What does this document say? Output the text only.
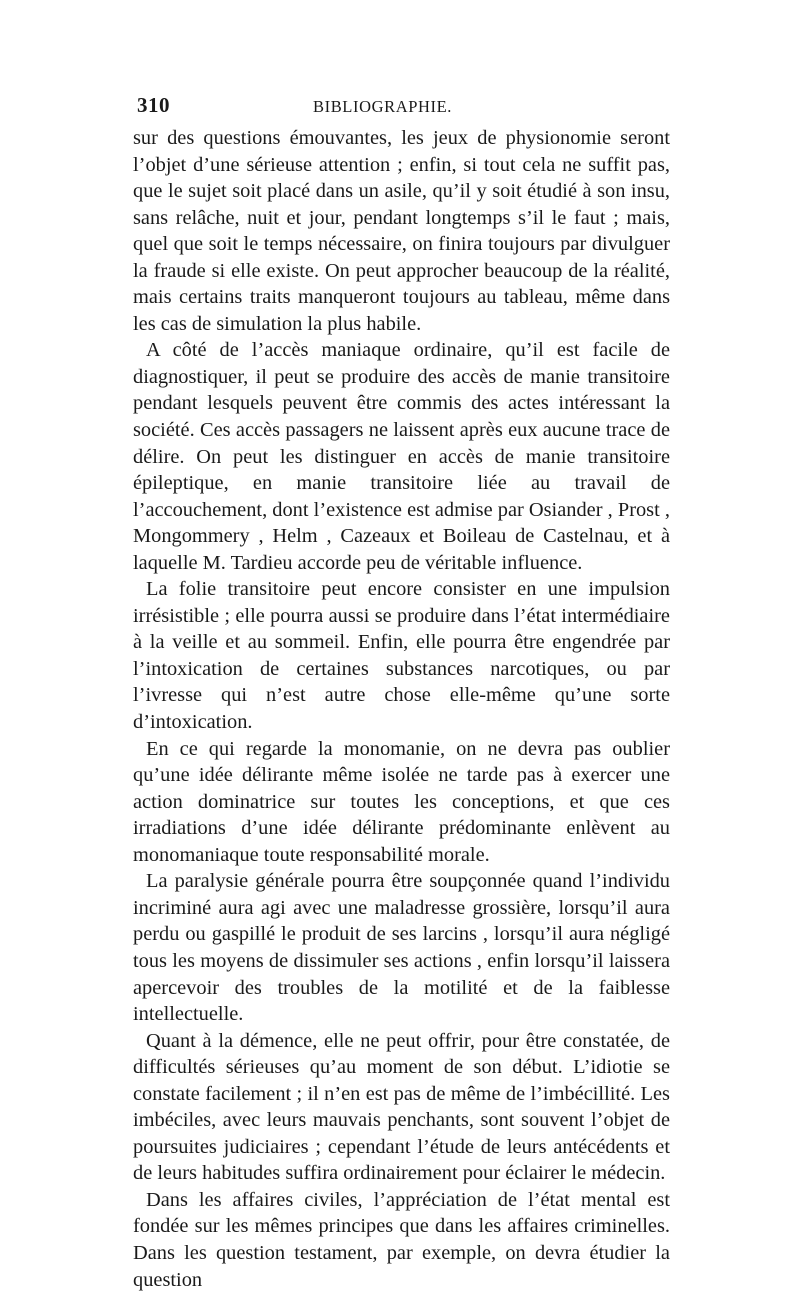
310	BIBLIOGRAPHIE.

sur des questions émouvantes, les jeux de physionomie seront l’objet d’une sérieuse attention ; enfin, si tout cela ne suffit pas, que le sujet soit placé dans un asile, qu’il y soit étudié à son insu, sans relâche, nuit et jour, pendant longtemps s’il le faut ; mais, quel que soit le temps nécessaire, on finira toujours par divulguer la fraude si elle existe. On peut approcher beaucoup de la réalité, mais certains traits manqueront toujours au tableau, même dans les cas de simulation la plus habile.

A côté de l’accès maniaque ordinaire, qu’il est facile de diagnostiquer, il peut se produire des accès de manie transitoire pendant lesquels peuvent être commis des actes intéressant la société. Ces accès passagers ne laissent après eux aucune trace de délire. On peut les distinguer en accès de manie transitoire épileptique, en manie transitoire liée au travail de l’accouchement, dont l’existence est admise par Osiander , Prost , Mongommery , Helm , Cazeaux et Boileau de Castelnau, et à laquelle M. Tardieu accorde peu de véritable influence.

La folie transitoire peut encore consister en une impulsion irrésistible ; elle pourra aussi se produire dans l’état intermédiaire à la veille et au sommeil. Enfin, elle pourra être engendrée par l’intoxication de certaines substances narcotiques, ou par l’ivresse qui n’est autre chose elle-même qu’une sorte d’intoxication.

En ce qui regarde la monomanie, on ne devra pas oublier qu’une idée délirante même isolée ne tarde pas à exercer une action dominatrice sur toutes les conceptions, et que ces irradiations d’une idée délirante prédominante enlèvent au monomaniaque toute responsabilité morale.

La paralysie générale pourra être soupçonnée quand l’individu incriminé aura agi avec une maladresse grossière, lorsqu’il aura perdu ou gaspillé le produit de ses larcins , lorsqu’il aura négligé tous les moyens de dissimuler ses actions , enfin lorsqu’il laissera apercevoir des troubles de la motilité et de la faiblesse intellectuelle.

Quant à la démence, elle ne peut offrir, pour être constatée, de difficultés sérieuses qu’au moment de son début. L’idiotie se constate facilement ; il n’en est pas de même de l’imbécillité. Les imbéciles, avec leurs mauvais penchants, sont souvent l’objet de poursuites judiciaires ; cependant l’étude de leurs antécédents et de leurs habitudes suffira ordinairement pour éclairer le médecin.

Dans les affaires civiles, l’appréciation de l’état mental est fondée sur les mêmes principes que dans les affaires criminelles. Dans les question testament, par exemple, on devra étudier la question
